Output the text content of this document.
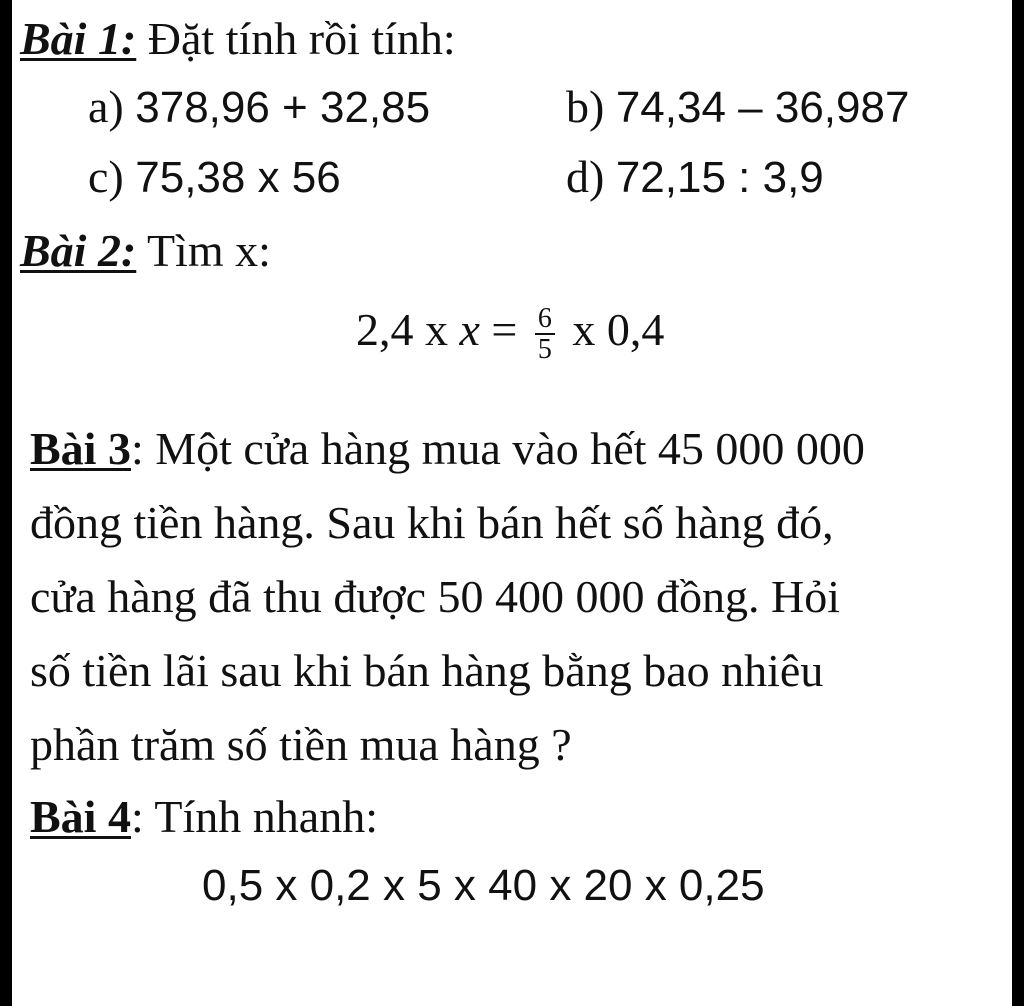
Bài 1: Đặt tính rồi tính:
a) 378,96 + 32,85	b) 74,34 – 36,987
c) 75,38 x 56	d) 72,15 : 3,9
Bài 2: Tìm x:
2,4 x $x = \frac{6}{5}$ x 0,4
Bài 3: Một cửa hàng mua vào hết 45 000 000
đồng tiền hàng. Sau khi bán hết số hàng đó,
cửa hàng đã thu được 50 400 000 đồng. Hỏi
số tiền lãi sau khi bán hàng bằng bao nhiêu
phần trăm số tiền mua hàng ?
Bài 4: Tính nhanh:
0,5 x 0,2 x 5 x 40 x 20 x 0,25
